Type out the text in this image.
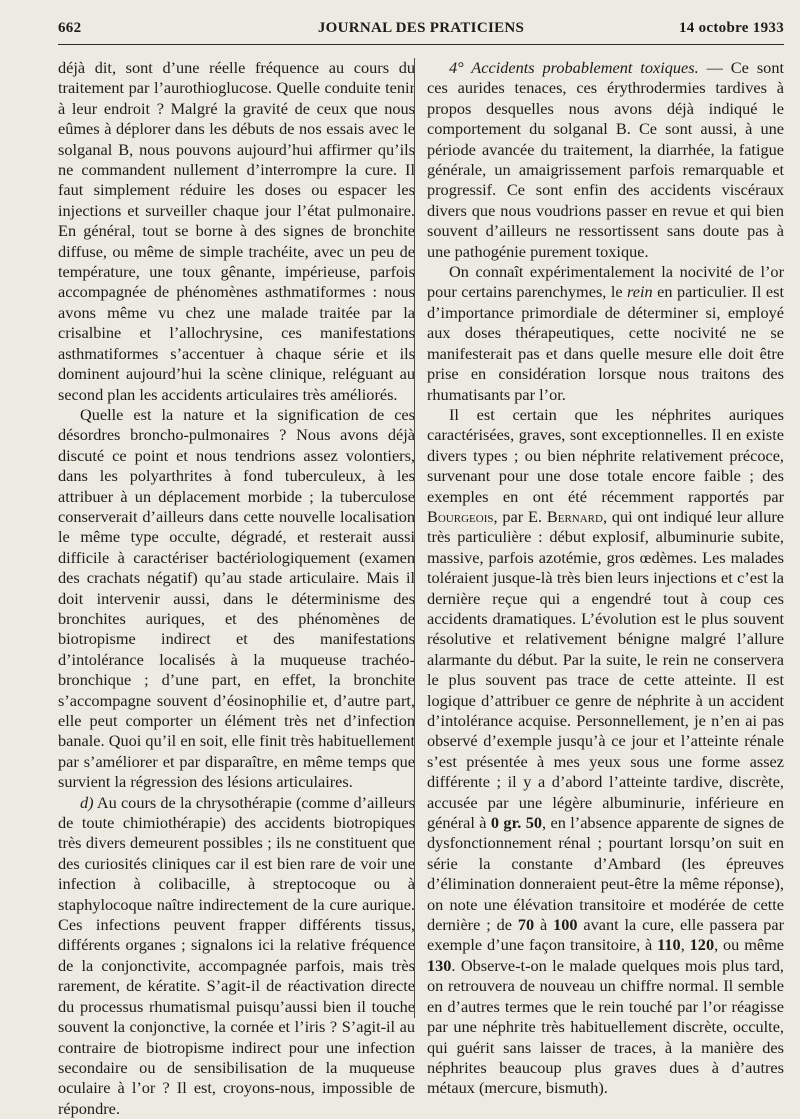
662	JOURNAL DES PRATICIENS	14 octobre 1933

déjà dit, sont d’une réelle fréquence au cours du traitement par l’aurothioglucose. Quelle conduite tenir à leur endroit ? Malgré la gravité de ceux que nous eûmes à déplorer dans les débuts de nos essais avec le solganal B, nous pouvons aujourd’hui affirmer qu’ils ne commandent nullement d’interrompre la cure. Il faut simplement réduire les doses ou espacer les injections et surveiller chaque jour l’état pulmonaire. En général, tout se borne à des signes de bronchite diffuse, ou même de simple trachéite, avec un peu de température, une toux gênante, impérieuse, parfois accompagnée de phénomènes asthmatiformes : nous avons même vu chez une malade traitée par la crisalbine et l’allochrysine, ces manifestations asthmatiformes s’accentuer à chaque série et ils dominent aujourd’hui la scène clinique, reléguant au second plan les accidents articulaires très améliorés.

Quelle est la nature et la signification de ces désordres broncho-pulmonaires ? Nous avons déjà discuté ce point et nous tendrions assez volontiers, dans les polyarthrites à fond tuberculeux, à les attribuer à un déplacement morbide ; la tuberculose conserverait d’ailleurs dans cette nouvelle localisation le même type occulte, dégradé, et resterait aussi difficile à caractériser bactériologiquement (examen des crachats négatif) qu’au stade articulaire. Mais il doit intervenir aussi, dans le déterminisme des bronchites auriques, et des phénomènes de biotropisme indirect et des manifestations d’intolérance localisés à la muqueuse trachéo-bronchique ; d’une part, en effet, la bronchite s’accompagne souvent d’éosinophilie et, d’autre part, elle peut comporter un élément très net d’infection banale. Quoi qu’il en soit, elle finit très habituellement par s’améliorer et par disparaître, en même temps que survient la régression des lésions articulaires.

d) Au cours de la chrysothérapie (comme d’ailleurs de toute chimiothérapie) des accidents biotropiques très divers demeurent possibles ; ils ne constituent que des curiosités cliniques car il est bien rare de voir une infection à colibacille, à streptocoque ou à staphylocoque naître indirectement de la cure aurique. Ces infections peuvent frapper différents tissus, différents organes ; signalons ici la relative fréquence de la conjonctivite, accompagnée parfois, mais très rarement, de kératite. S’agit-il de réactivation directe du processus rhumatismal puisqu’aussi bien il touche souvent la conjonctive, la cornée et l’iris ? S’agit-il au contraire de biotropisme indirect pour une infection secondaire ou de sensibilisation de la muqueuse oculaire à l’or ? Il est, croyons-nous, impossible de répondre.

4° Accidents probablement toxiques. — Ce sont ces aurides tenaces, ces érythrodermies tardives à propos desquelles nous avons déjà indiqué le comportement du solganal B. Ce sont aussi, à une période avancée du traitement, la diarrhée, la fatigue générale, un amaigrissement parfois remarquable et progressif. Ce sont enfin des accidents viscéraux divers que nous voudrions passer en revue et qui bien souvent d’ailleurs ne ressortissent sans doute pas à une pathogénie purement toxique.

On connaît expérimentalement la nocivité de l’or pour certains parenchymes, le rein en particulier. Il est d’importance primordiale de déterminer si, employé aux doses thérapeutiques, cette nocivité ne se manifesterait pas et dans quelle mesure elle doit être prise en considération lorsque nous traitons des rhumatisants par l’or.

Il est certain que les néphrites auriques caractérisées, graves, sont exceptionnelles. Il en existe divers types ; ou bien néphrite relativement précoce, survenant pour une dose totale encore faible ; des exemples en ont été récemment rapportés par Bourgeois, par E. Bernard, qui ont indiqué leur allure très particulière : début explosif, albuminurie subite, massive, parfois azotémie, gros œdèmes. Les malades toléraient jusque-là très bien leurs injections et c’est la dernière reçue qui a engendré tout à coup ces accidents dramatiques. L’évolution est le plus souvent résolutive et relativement bénigne malgré l’allure alarmante du début. Par la suite, le rein ne conservera le plus souvent pas trace de cette atteinte. Il est logique d’attribuer ce genre de néphrite à un accident d’intolérance acquise. Personnellement, je n’en ai pas observé d’exemple jusqu’à ce jour et l’atteinte rénale s’est présentée à mes yeux sous une forme assez différente ; il y a d’abord l’atteinte tardive, discrète, accusée par une légère albuminurie, inférieure en général à 0 gr. 50, en l’absence apparente de signes de dysfonctionnement rénal ; pourtant lorsqu’on suit en série la constante d’Ambard (les épreuves d’élimination donneraient peut-être la même réponse), on note une élévation transitoire et modérée de cette dernière ; de 70 à 100 avant la cure, elle passera par exemple d’une façon transitoire, à 110, 120, ou même 130. Observe-t-on le malade quelques mois plus tard, on retrouvera de nouveau un chiffre normal. Il semble en d’autres termes que le rein touché par l’or réagisse par une néphrite très habituellement discrète, occulte, qui guérit sans laisser de traces, à la manière des néphrites beaucoup plus graves dues à d’autres métaux (mercure, bismuth).
